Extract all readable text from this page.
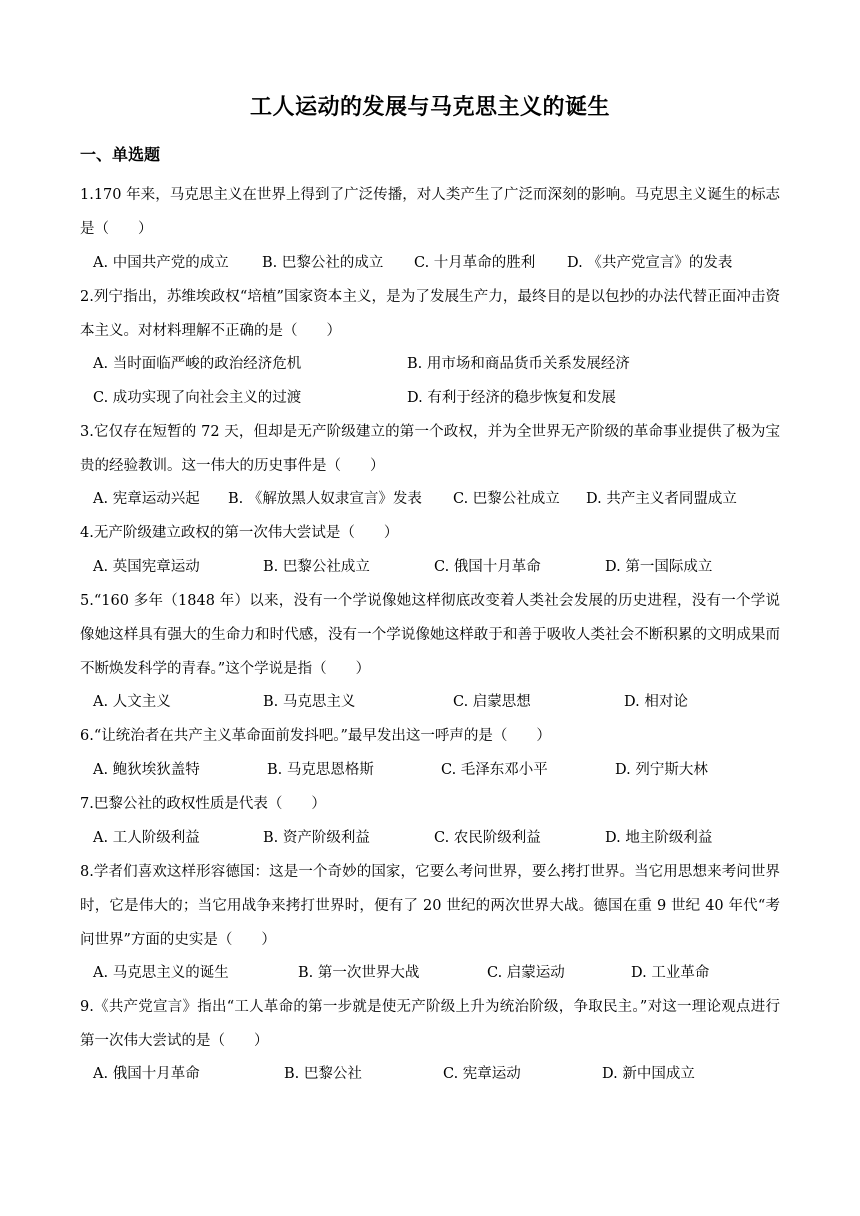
工人运动的发展与马克思主义的诞生
一、单选题
1.170 年来，马克思主义在世界上得到了广泛传播，对人类产生了广泛而深刻的影响。马克思主义诞生的标志是（　　）
A. 中国共产党的成立 B. 巴黎公社的成立 C. 十月革命的胜利 D. 《共产党宣言》的发表
2.列宁指出，苏维埃政权“培植”国家资本主义，是为了发展生产力，最终目的是以包抄的办法代替正面冲击资本主义。对材料理解不正确的是（　　）
A. 当时面临严峻的政治经济危机	B. 用市场和商品货币关系发展经济
C. 成功实现了向社会主义的过渡	D. 有利于经济的稳步恢复和发展
3.它仅存在短暂的 72 天，但却是无产阶级建立的第一个政权，并为全世界无产阶级的革命事业提供了极为宝贵的经验教训。这一伟大的历史事件是（　　）
A. 宪章运动兴起 B. 《解放黑人奴隶宣言》发表 C. 巴黎公社成立 D. 共产主义者同盟成立
4.无产阶级建立政权的第一次伟大尝试是（　　）
A. 英国宪章运动	B. 巴黎公社成立	C. 俄国十月革命	D. 第一国际成立
5.“160 多年（1848 年）以来，没有一个学说像她这样彻底改变着人类社会发展的历史进程，没有一个学说像她这样具有强大的生命力和时代感，没有一个学说像她这样敢于和善于吸收人类社会不断积累的文明成果而不断焕发科学的青春。”这个学说是指（　　）
A. 人文主义	B. 马克思主义	C. 启蒙思想	D. 相对论
6.“让统治者在共产主义革命面前发抖吧。”最早发出这一呼声的是（　　）
A. 鲍狄埃狄盖特	B. 马克思恩格斯	C. 毛泽东邓小平	D. 列宁斯大林
7.巴黎公社的政权性质是代表（　　）
A. 工人阶级利益	B. 资产阶级利益	C. 农民阶级利益	D. 地主阶级利益
8.学者们喜欢这样形容德国：这是一个奇妙的国家，它要么考问世界，要么拷打世界。当它用思想来考问世界时，它是伟大的；当它用战争来拷打世界时，便有了 20 世纪的两次世界大战。德国在重 9 世纪 40 年代“考问世界”方面的史实是（　　）
A. 马克思主义的诞生	B. 第一次世界大战	C. 启蒙运动	D. 工业革命
9.《共产党宣言》指出“工人革命的第一步就是使无产阶级上升为统治阶级，争取民主。”对这一理论观点进行第一次伟大尝试的是（　　）
A. 俄国十月革命	B. 巴黎公社	C. 宪章运动	D. 新中国成立
